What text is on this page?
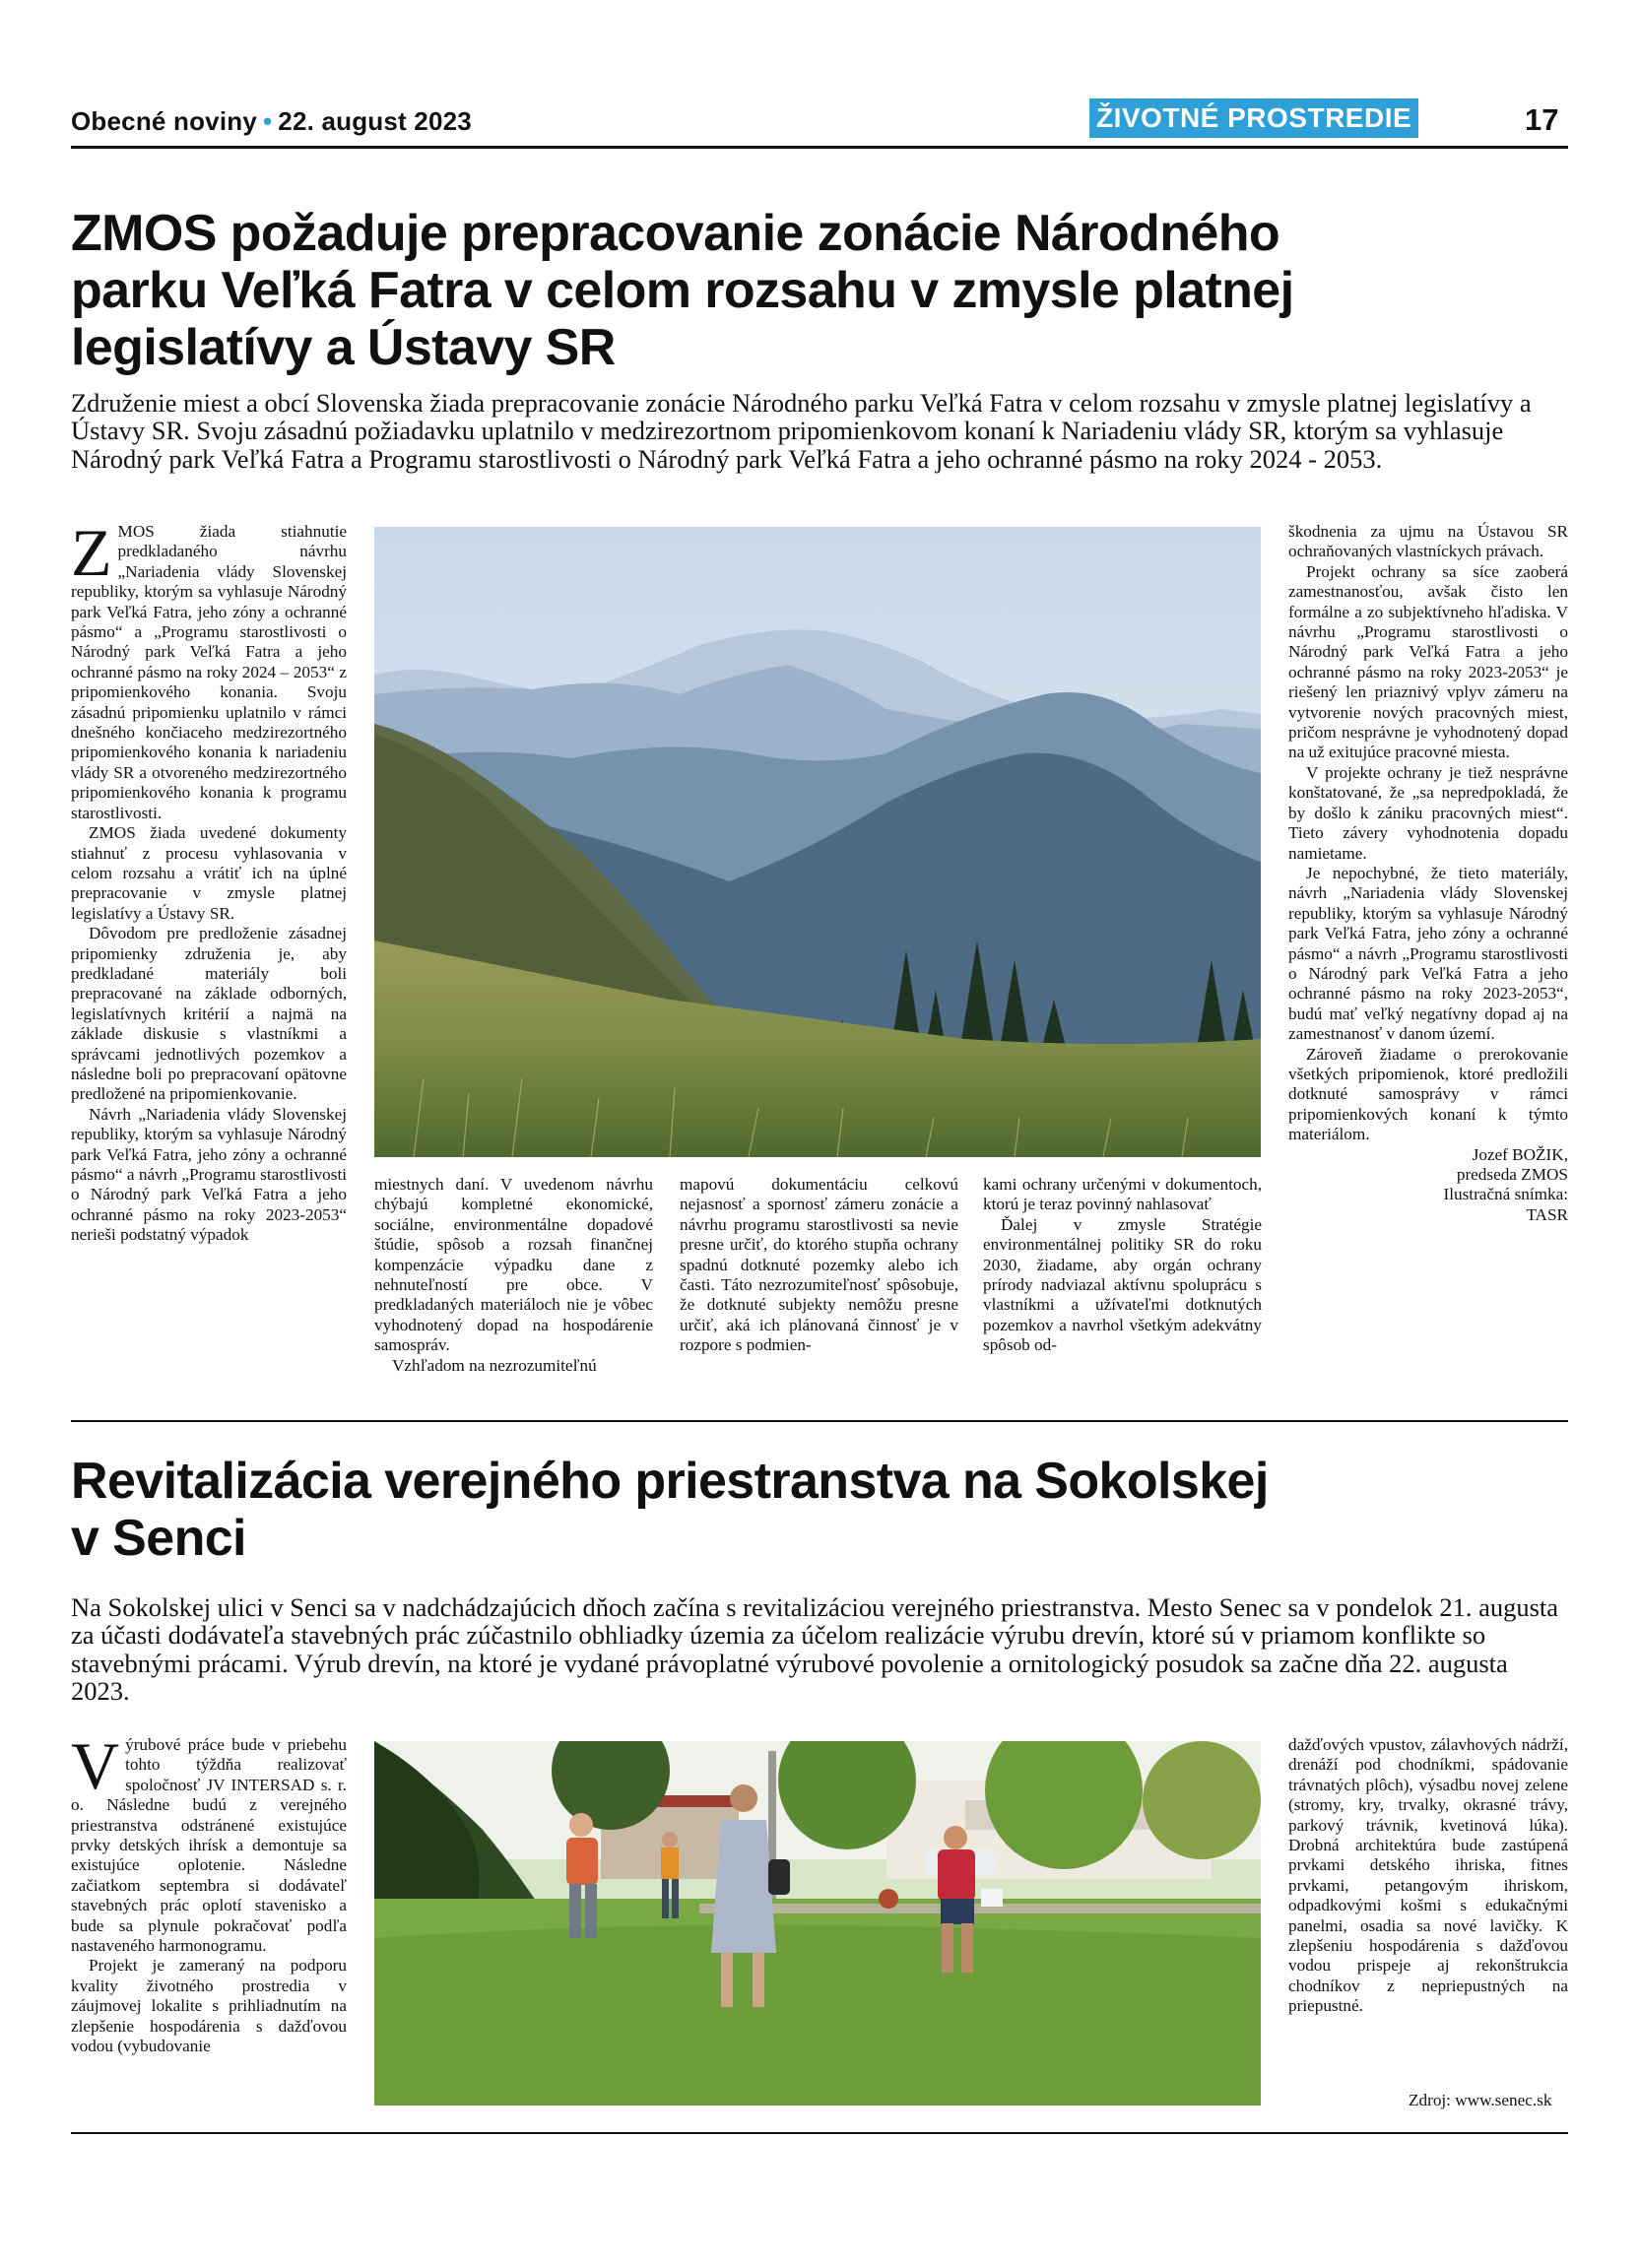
Obecné noviny • 22. august 2023	ŽIVOTNÉ PROSTREDIE	17
ZMOS požaduje prepracovanie zonácie Národného
parku Veľká Fatra v celom rozsahu v zmysle platnej
legislatívy a Ústavy SR

Združenie miest a obcí Slovenska žiada prepracovanie zonácie Národného parku Veľká Fatra v celom rozsahu v zmysle platnej legislatívy a Ústavy SR. Svoju zásadnú požiadavku uplatnilo v medzirezortnom pripomienkovom konaní k Nariadeniu vlády SR, ktorým sa vyhlasuje Národný park Veľká Fatra a Programu starostlivosti o Národný park Veľká Fatra a jeho ochranné pásmo na roky 2024 - 2053.

ZMOS žiada stiahnutie predkladaného návrhu „Nariadenia vlády Slovenskej republiky, ktorým sa vyhlasuje Národný park Veľká Fatra, jeho zóny a ochranné pásmo“ a „Programu starostlivosti o Národný park Veľká Fatra a jeho ochranné pásmo na roky 2024 – 2053“ z pripomienkového konania. Svoju zásadnú pripomienku uplatnilo v rámci dnešného končiaceho medzirezortného pripomienkového konania k nariadeniu vlády SR a otvoreného medzirezortného pripomienkového konania k programu starostlivosti.

ZMOS žiada uvedené dokumenty stiahnuť z procesu vyhlasovania v celom rozsahu a vrátiť ich na úplné prepracovanie v zmysle platnej legislatívy a Ústavy SR.

Dôvodom pre predloženie zásadnej pripomienky združenia je, aby predkladané materiály boli prepracované na základe odborných, legislatívnych kritérií a najmä na základe diskusie s vlastníkmi a správcami jednotlivých pozemkov a následne boli po prepracovaní opätovne predložené na pripomienkovanie.

Návrh „Nariadenia vlády Slovenskej republiky, ktorým sa vyhlasuje Národný park Veľká Fatra, jeho zóny a ochranné pásmo“ a návrh „Programu starostlivosti o Národný park Veľká Fatra a jeho ochranné pásmo na roky 2023-2053“ nerieši podstatný výpadok

miestnych daní. V uvedenom návrhu chýbajú kompletné ekonomické, sociálne, environmentálne dopadové štúdie, spôsob a rozsah finančnej kompenzácie výpadku dane z nehnuteľností pre obce. V predkladaných materiáloch nie je vôbec vyhodnotený dopad na hospodárenie samospráv.

Vzhľadom na nezrozumiteľnú

mapovú dokumentáciu celkovú nejasnosť a spornosť zámeru zonácie a návrhu programu starostlivosti sa nevie presne určiť, do ktorého stupňa ochrany spadnú dotknuté pozemky alebo ich časti. Táto nezrozumiteľnosť spôsobuje, že dotknuté subjekty nemôžu presne určiť, aká ich plánovaná činnosť je v rozpore s podmien-

kami ochrany určenými v dokumentoch, ktorú je teraz povinný nahlasovať

Ďalej v zmysle Stratégie environmentálnej politiky SR do roku 2030, žiadame, aby orgán ochrany prírody nadviazal aktívnu spoluprácu s vlastníkmi a užívateľmi dotknutých pozemkov a navrhol všetkým adekvátny spôsob od-

škodnenia za ujmu na Ústavou SR ochraňovaných vlastníckych právach.

Projekt ochrany sa síce zaoberá zamestnanosťou, avšak čisto len formálne a zo subjektívneho hľadiska. V návrhu „Programu starostlivosti o Národný park Veľká Fatra a jeho ochranné pásmo na roky 2023-2053“ je riešený len priaznivý vplyv zámeru na vytvorenie nových pracovných miest, pričom nesprávne je vyhodnotený dopad na už exitujúce pracovné miesta.

V projekte ochrany je tiež nesprávne konštatované, že „sa nepredpokladá, že by došlo k zániku pracovných miest“. Tieto závery vyhodnotenia dopadu namietame.

Je nepochybné, že tieto materiály, návrh „Nariadenia vlády Slovenskej republiky, ktorým sa vyhlasuje Národný park Veľká Fatra, jeho zóny a ochranné pásmo“ a návrh „Programu starostlivosti o Národný park Veľká Fatra a jeho ochranné pásmo na roky 2023-2053“, budú mať veľký negatívny dopad aj na zamestnanosť v danom území.

Zároveň žiadame o prerokovanie všetkých pripomienok, ktoré predložili dotknuté samosprávy v rámci pripomienkových konaní k týmto materiálom.

Jozef BOŽIK,

predseda ZMOS

Ilustračná snímka:

TASR

Revitalizácia verejného priestranstva na Sokolskej
v Senci

Na Sokolskej ulici v Senci sa v nadchádzajúcich dňoch začína s revitalizáciou verejného priestranstva. Mesto Senec sa v pondelok 21. augusta za účasti dodávateľa stavebných prác zúčastnilo obhliadky územia za účelom realizácie výrubu drevín, ktoré sú v priamom konflikte so stavebnými prácami. Výrub drevín, na ktoré je vydané právoplatné výrubové povolenie a ornitologický posudok sa začne dňa 22. augusta 2023.

Výrubové práce bude v priebehu tohto týždňa realizovať spoločnosť JV INTERSAD s. r. o. Následne budú z verejného priestranstva odstránené existujúce prvky detských ihrísk a demontuje sa existujúce oplotenie. Následne začiatkom septembra si dodávateľ stavebných prác oplotí stavenisko a bude sa plynule pokračovať podľa nastaveného harmonogramu.

Projekt je zameraný na podporu kvality životného prostredia v záujmovej lokalite s prihliadnutím na zlepšenie hospodárenia s dažďovou vodou (vybudovanie

dažďových vpustov, zálavhových nádrží, drenáží pod chodníkmi, spádovanie trávnatých plôch), výsadbu novej zelene (stromy, kry, trvalky, okrasné trávy, parkový trávnik, kvetinová lúka). Drobná architektúra bude zastúpená prvkami detského ihriska, fitnes prvkami, petangovým ihriskom, odpadkovými košmi s edukačnými panelmi, osadia sa nové lavičky. K zlepšeniu hospodárenia s dažďovou vodou prispeje aj rekonštrukcia chodníkov z nepriepustných na priepustné.

Zdroj: www.senec.sk
